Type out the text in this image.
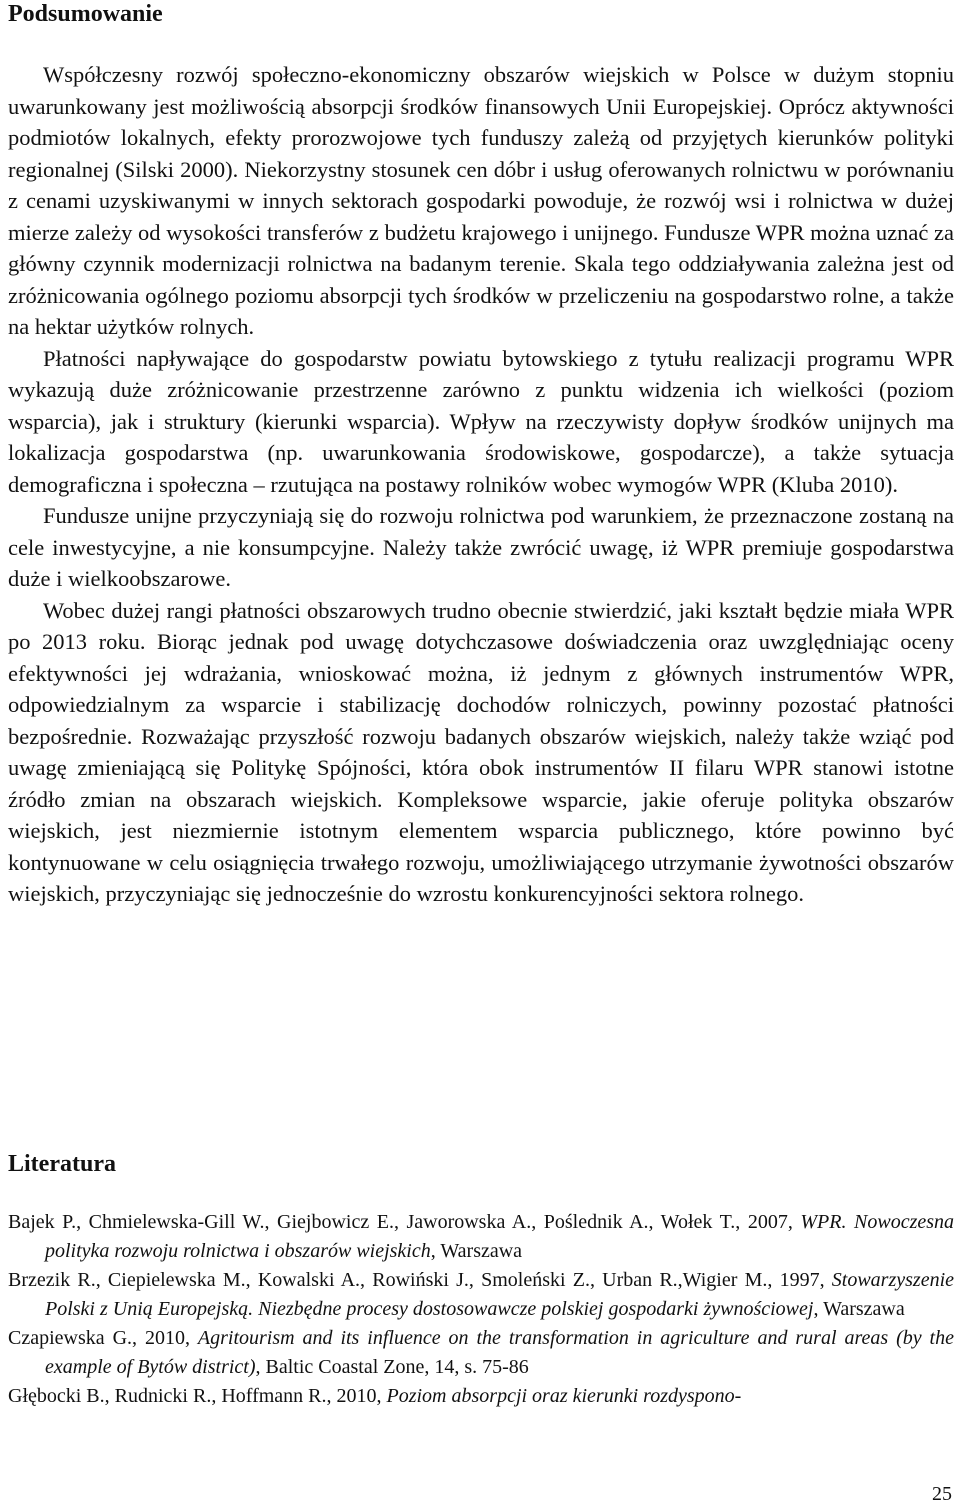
Podsumowanie

Współczesny rozwój społeczno-ekonomiczny obszarów wiejskich w Polsce w dużym stopniu uwarunkowany jest możliwością absorpcji środków finansowych Unii Europejskiej. Oprócz aktywności podmiotów lokalnych, efekty prorozwojowe tych funduszy zależą od przyjętych kierunków polityki regionalnej (Silski 2000). Niekorzystny stosunek cen dóbr i usług oferowanych rolnictwu w porównaniu z cenami uzyskiwanymi w innych sektorach gospodarki powoduje, że rozwój wsi i rolnictwa w dużej mierze zależy od wysokości transferów z budżetu krajowego i unijnego. Fundusze WPR można uznać za główny czynnik modernizacji rolnictwa na badanym terenie. Skala tego oddziaływania zależna jest od zróżnicowania ogólnego poziomu absorpcji tych środków w przeliczeniu na gospodarstwo rolne, a także na hektar użytków rolnych.

Płatności napływające do gospodarstw powiatu bytowskiego z tytułu realizacji programu WPR wykazują duże zróżnicowanie przestrzenne zarówno z punktu widzenia ich wielkości (poziom wsparcia), jak i struktury (kierunki wsparcia). Wpływ na rzeczywisty dopływ środków unijnych ma lokalizacja gospodarstwa (np. uwarunkowania środowiskowe, gospodarcze), a także sytuacja demograficzna i społeczna – rzutująca na postawy rolników wobec wymogów WPR (Kluba 2010).

Fundusze unijne przyczyniają się do rozwoju rolnictwa pod warunkiem, że przeznaczone zostaną na cele inwestycyjne, a nie konsumpcyjne. Należy także zwrócić uwagę, iż WPR premiuje gospodarstwa duże i wielkoobszarowe.

Wobec dużej rangi płatności obszarowych trudno obecnie stwierdzić, jaki kształt będzie miała WPR po 2013 roku. Biorąc jednak pod uwagę dotychczasowe doświadczenia oraz uwzględniając oceny efektywności jej wdrażania, wnioskować można, iż jednym z głównych instrumentów WPR, odpowiedzialnym za wsparcie i stabilizację dochodów rolniczych, powinny pozostać płatności bezpośrednie. Rozważając przyszłość rozwoju badanych obszarów wiejskich, należy także wziąć pod uwagę zmieniającą się Politykę Spójności, która obok instrumentów II filaru WPR stanowi istotne źródło zmian na obszarach wiejskich. Kompleksowe wsparcie, jakie oferuje polityka obszarów wiejskich, jest niezmiernie istotnym elementem wsparcia publicznego, które powinno być kontynuowane w celu osiągnięcia trwałego rozwoju, umożliwiającego utrzymanie żywotności obszarów wiejskich, przyczyniając się jednocześnie do wzrostu konkurencyjności sektora rolnego.

Literatura

Bajek P., Chmielewska-Gill W., Giejbowicz E., Jaworowska A., Poślednik A., Wołek T., 2007, WPR. Nowoczesna polityka rozwoju rolnictwa i obszarów wiejskich, Warszawa

Brzezik R., Ciepielewska M., Kowalski A., Rowiński J., Smoleński Z., Urban R.,Wigier M., 1997, Stowarzyszenie Polski z Unią Europejską. Niezbędne procesy dostosowawcze polskiej gospodarki żywnościowej, Warszawa

Czapiewska G., 2010, Agritourism and its influence on the transformation in agriculture and rural areas (by the example of Bytów district), Baltic Coastal Zone, 14, s. 75-86

Głębocki B., Rudnicki R., Hoffmann R., 2010, Poziom absorpcji oraz kierunki rozdyspono-

25
